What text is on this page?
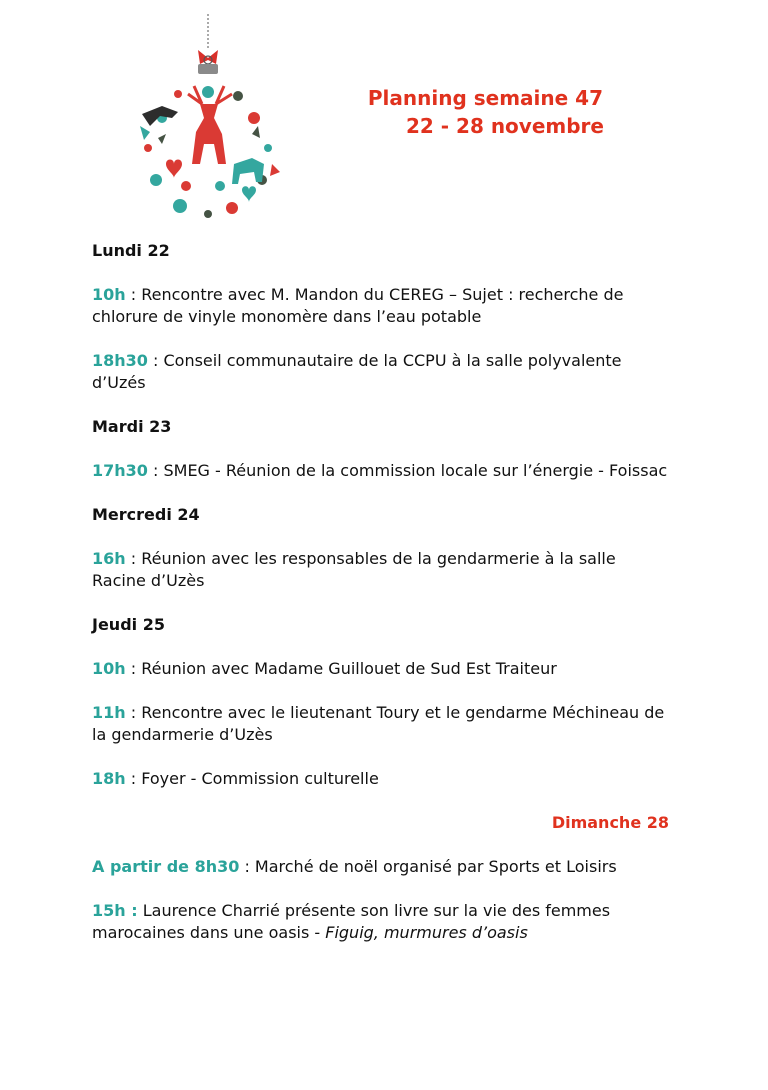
Planning semaine 47
22 - 28 novembre

Lundi 22

10h : Rencontre avec M. Mandon du CEREG – Sujet : recherche de chlorure de vinyle monomère dans l’eau potable

18h30 : Conseil communautaire de la CCPU à la salle polyvalente d’Uzés

Mardi 23

17h30 : SMEG - Réunion de la commission locale sur l’énergie - Foissac

Mercredi 24

16h : Réunion avec les responsables de la gendarmerie à la salle Racine d’Uzès

Jeudi 25

10h : Réunion avec Madame Guillouet de Sud Est Traiteur

11h : Rencontre avec le lieutenant Toury et le gendarme Méchineau de la gendarmerie d’Uzès

18h : Foyer - Commission culturelle

Dimanche 28

A partir de 8h30 : Marché de noël organisé par Sports et Loisirs

15h : Laurence Charrié présente son livre sur la vie des femmes marocaines dans une oasis - Figuig, murmures d’oasis
